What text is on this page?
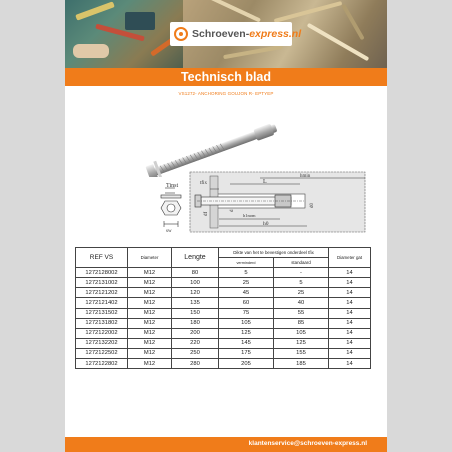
Schroeven-express.nl
Technisch blad
VS1272- ANCHORING GOUJON R- EPTYEP
Tinst
sw
tfix
hmin
L
h1nom
h0
df
d
d0
REF VS	Diameter	Lengte	Dikte van het te bevestigen onderdeel tfix		Diameter gat
			verminderd	standaard	
1272128002	M12	80	5	-	14
1272131002	M12	100	25	5	14
1272121202	M12	120	45	25	14
1272121402	M12	135	60	40	14
1272131502	M12	150	75	55	14
1272131802	M12	180	105	85	14
1272122002	M12	200	125	105	14
1272132202	M12	220	145	125	14
1272122502	M12	250	175	155	14
1272122802	M12	280	205	185	14
klantenservice@schroeven-express.nl
